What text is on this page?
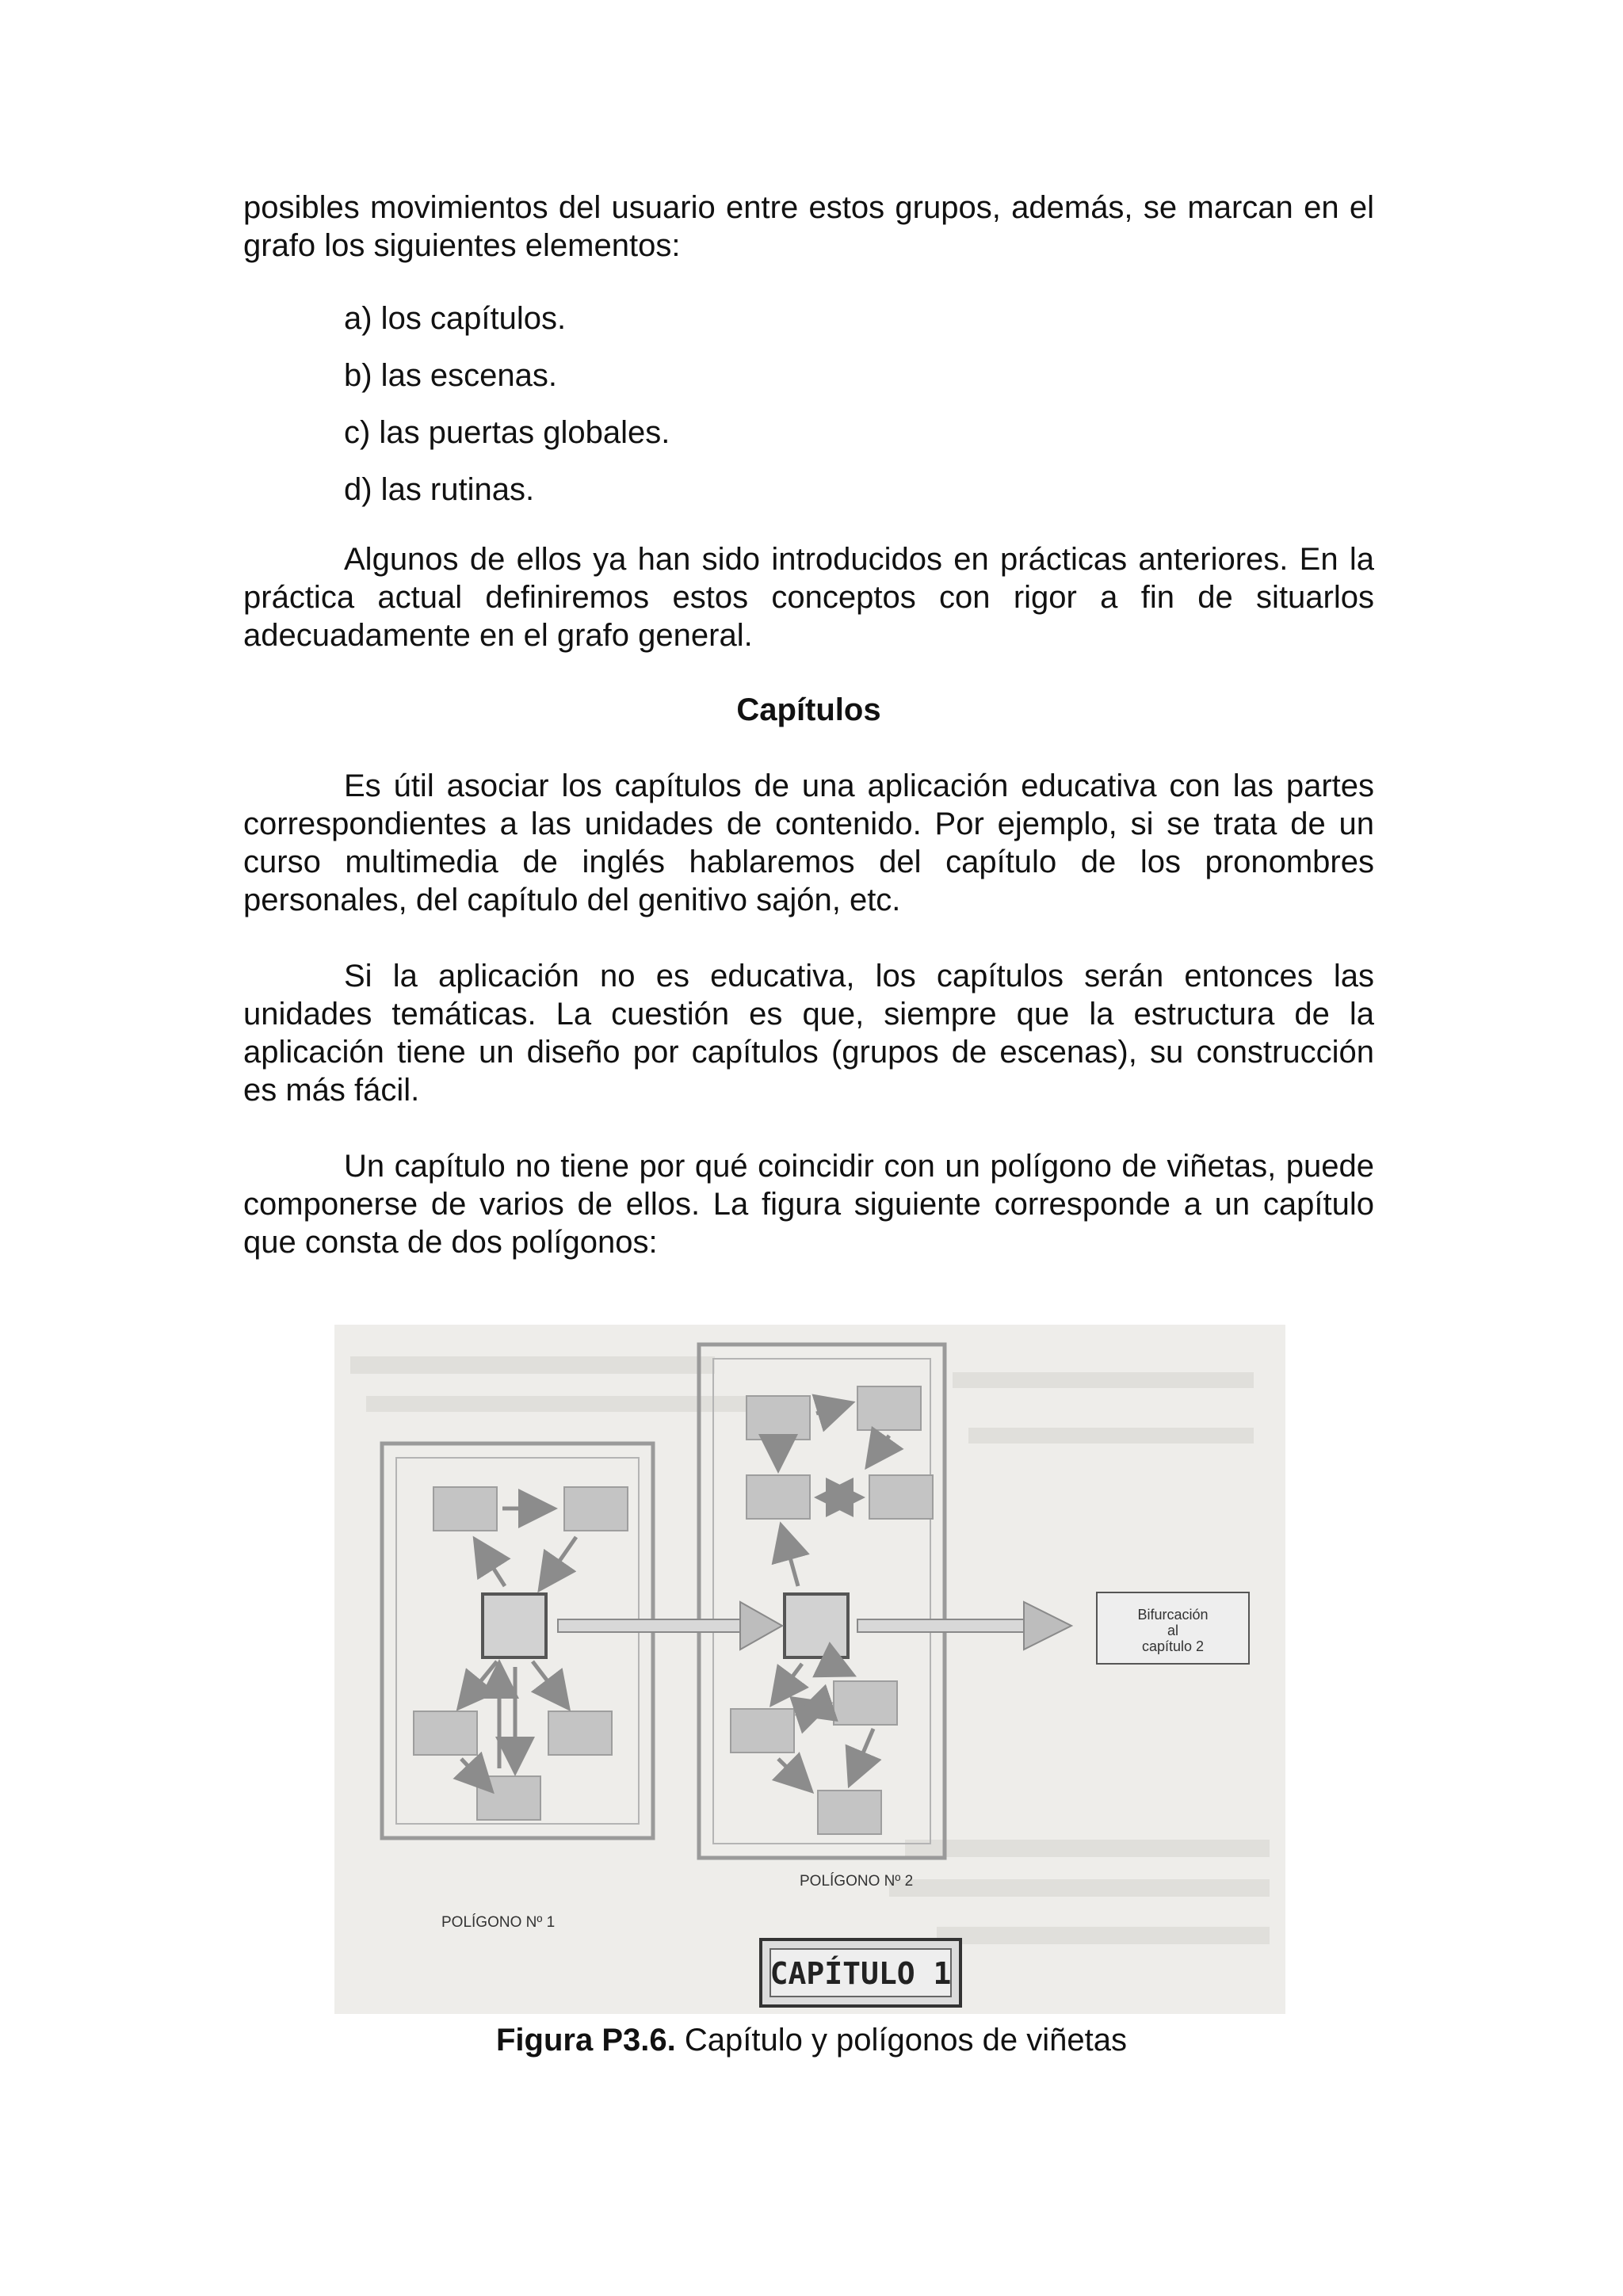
posibles movimientos del usuario entre estos grupos, además, se marcan en el grafo los siguientes elementos:

a) los capítulos.
b) las escenas.
c) las puertas globales.
d) las rutinas.

Algunos de ellos ya han sido introducidos en prácticas anteriores. En la práctica actual definiremos estos conceptos con rigor a fin de situarlos adecuadamente en el grafo general.

Capítulos

Es útil asociar los capítulos de una aplicación educativa con las partes correspondientes a las unidades de contenido. Por ejemplo, si se trata de un curso multimedia de inglés hablaremos del capítulo de los pronombres personales, del capítulo del genitivo sajón, etc.

Si la aplicación no es educativa, los capítulos serán entonces las unidades temáticas. La cuestión es que, siempre que la estructura de la aplicación tiene un diseño por capítulos (grupos de escenas), su construcción es más fácil.

Un capítulo no tiene por qué coincidir con un polígono de viñetas, puede componerse de varios de ellos. La figura siguiente corresponde a un capítulo que consta de dos polígonos:

Bifurcación
al
capítulo 2
POLÍGONO Nº 1
POLÍGONO Nº 2
CAPÍTULO 1
Figura P3.6. Capítulo y polígonos de viñetas
